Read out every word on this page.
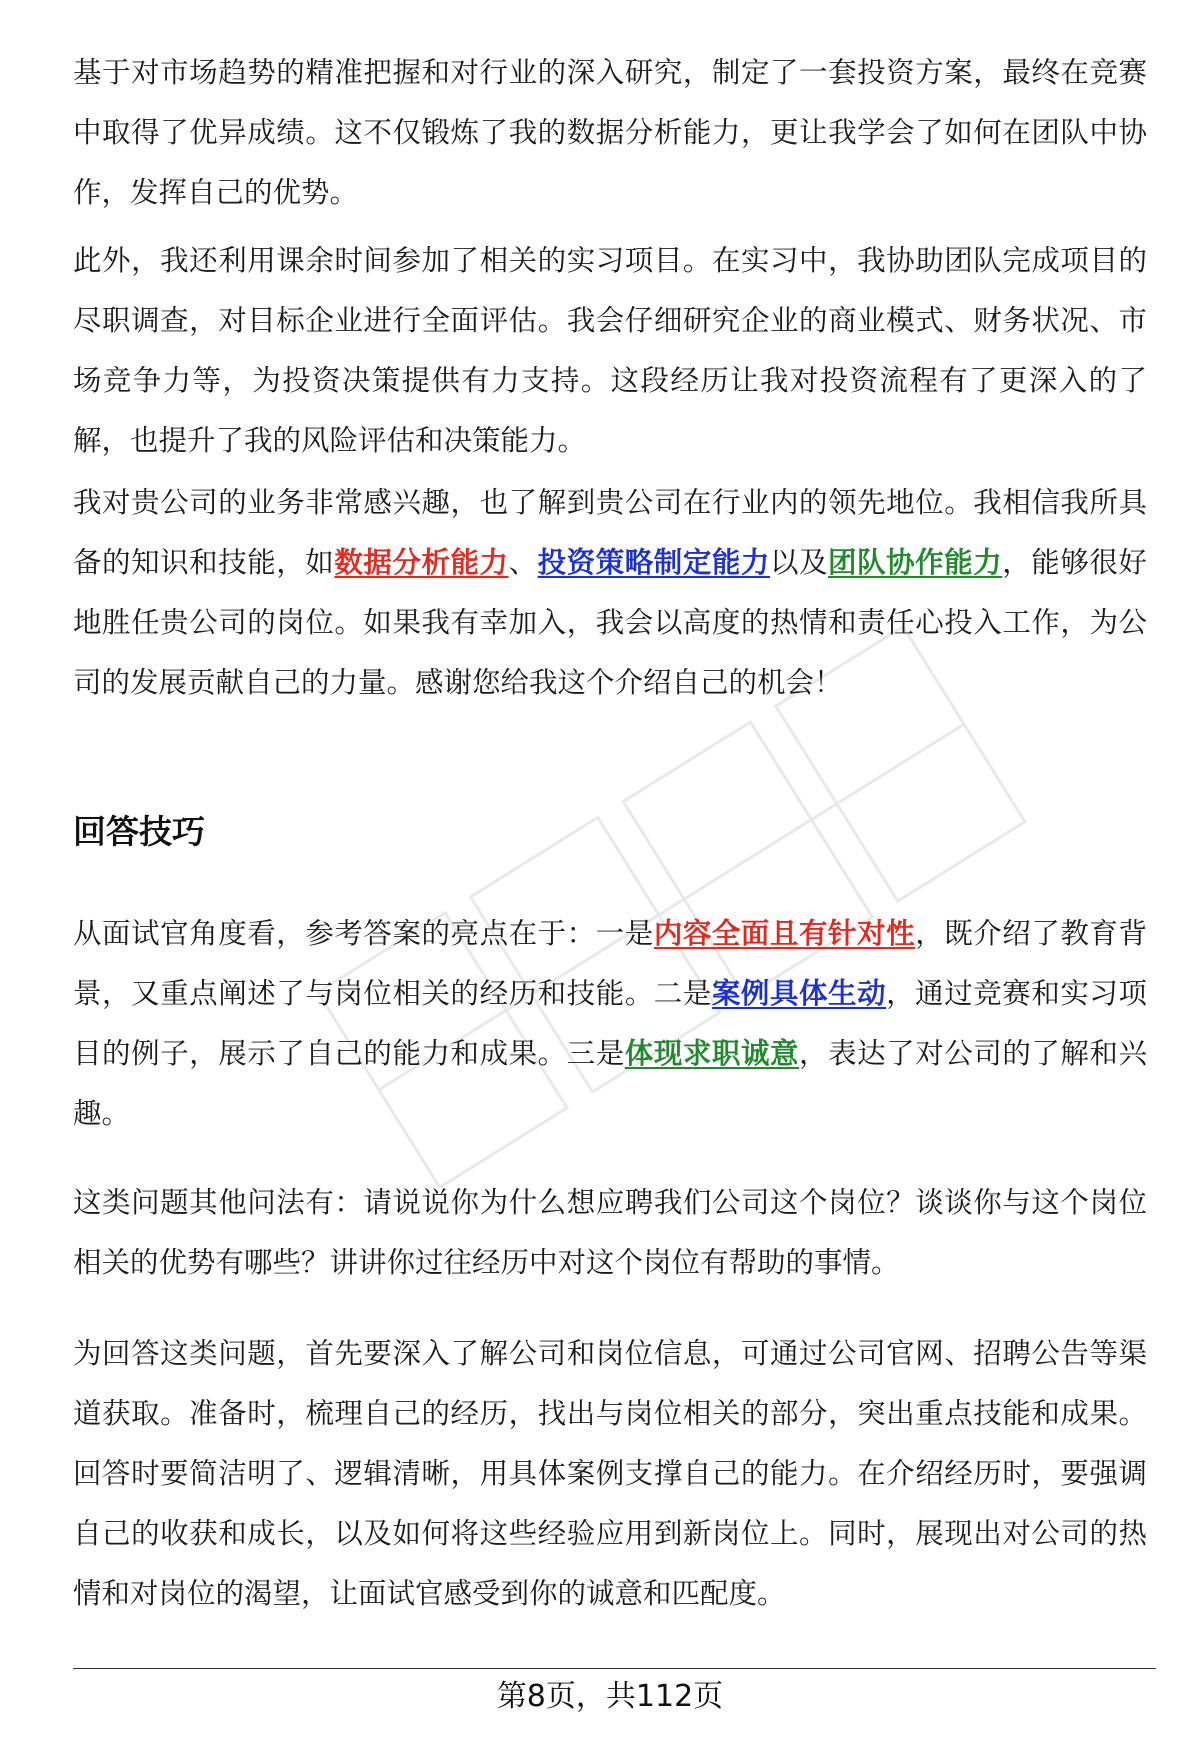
基于对市场趋势的精准把握和对行业的深入研究，制定了一套投资方案，最终在竞赛中取得了优异成绩。这不仅锻炼了我的数据分析能力，更让我学会了如何在团队中协作，发挥自己的优势。

此外，我还利用课余时间参加了相关的实习项目。在实习中，我协助团队完成项目的尽职调查，对目标企业进行全面评估。我会仔细研究企业的商业模式、财务状况、市场竞争力等，为投资决策提供有力支持。这段经历让我对投资流程有了更深入的了解，也提升了我的风险评估和决策能力。

我对贵公司的业务非常感兴趣，也了解到贵公司在行业内的领先地位。我相信我所具备的知识和技能，如数据分析能力、投资策略制定能力以及团队协作能力，能够很好地胜任贵公司的岗位。如果我有幸加入，我会以高度的热情和责任心投入工作，为公司的发展贡献自己的力量。感谢您给我这个介绍自己的机会！

回答技巧

从面试官角度看，参考答案的亮点在于：一是内容全面且有针对性，既介绍了教育背景，又重点阐述了与岗位相关的经历和技能。二是案例具体生动，通过竞赛和实习项目的例子，展示了自己的能力和成果。三是体现求职诚意，表达了对公司的了解和兴趣。

这类问题其他问法有：请说说你为什么想应聘我们公司这个岗位？谈谈你与这个岗位相关的优势有哪些？讲讲你过往经历中对这个岗位有帮助的事情。

为回答这类问题，首先要深入了解公司和岗位信息，可通过公司官网、招聘公告等渠道获取。准备时，梳理自己的经历，找出与岗位相关的部分，突出重点技能和成果。回答时要简洁明了、逻辑清晰，用具体案例支撑自己的能力。在介绍经历时，要强调自己的收获和成长，以及如何将这些经验应用到新岗位上。同时，展现出对公司的热情和对岗位的渴望，让面试官感受到你的诚意和匹配度。

第8页，共112页
